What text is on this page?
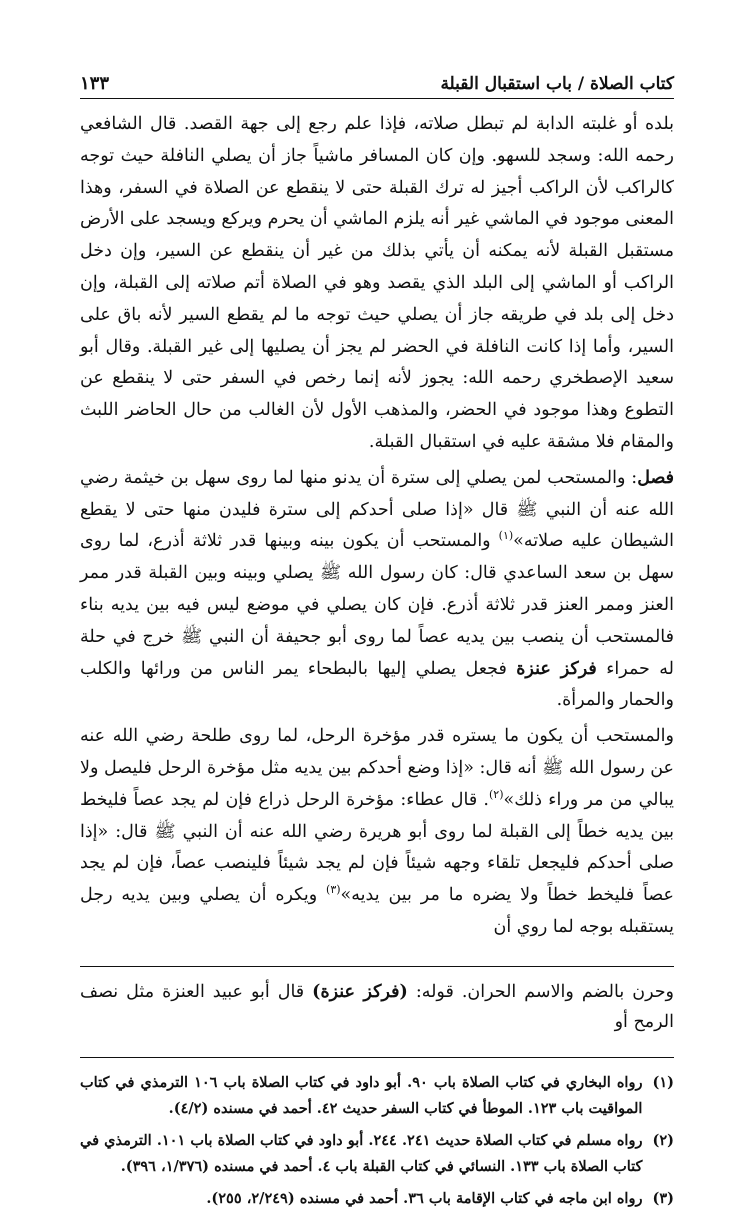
كتاب الصلاة / باب استقبال القبلة
١٣٣

بلده أو غلبته الدابة لم تبطل صلاته، فإذا علم رجع إلى جهة القصد. قال الشافعي رحمه الله: وسجد للسهو. وإن كان المسافر ماشياً جاز أن يصلي النافلة حيث توجه كالراكب لأن الراكب أجيز له ترك القبلة حتى لا ينقطع عن الصلاة في السفر، وهذا المعنى موجود في الماشي غير أنه يلزم الماشي أن يحرم ويركع ويسجد على الأرض مستقبل القبلة لأنه يمكنه أن يأتي بذلك من غير أن ينقطع عن السير، وإن دخل الراكب أو الماشي إلى البلد الذي يقصد وهو في الصلاة أتم صلاته إلى القبلة، وإن دخل إلى بلد في طريقه جاز أن يصلي حيث توجه ما لم يقطع السير لأنه باق على السير، وأما إذا كانت النافلة في الحضر لم يجز أن يصليها إلى غير القبلة. وقال أبو سعيد الإصطخري رحمه الله: يجوز لأنه إنما رخص في السفر حتى لا ينقطع عن التطوع وهذا موجود في الحضر، والمذهب الأول لأن الغالب من حال الحاضر اللبث والمقام فلا مشقة عليه في استقبال القبلة.

فصل: والمستحب لمن يصلي إلى سترة أن يدنو منها لما روى سهل بن خيثمة رضي الله عنه أن النبي ﷺ قال «إذا صلى أحدكم إلى سترة فليدن منها حتى لا يقطع الشيطان عليه صلاته»$^{(١)}$ والمستحب أن يكون بينه وبينها قدر ثلاثة أذرع، لما روى سهل بن سعد الساعدي قال: كان رسول الله ﷺ يصلي وبينه وبين القبلة قدر ممر العنز وممر العنز قدر ثلاثة أذرع. فإن كان يصلي في موضع ليس فيه بين يديه بناء فالمستحب أن ينصب بين يديه عصاً لما روى أبو جحيفة أن النبي ﷺ خرج في حلة له حمراء فركز عنزة فجعل يصلي إليها بالبطحاء يمر الناس من ورائها والكلب والحمار والمرأة.

والمستحب أن يكون ما يستره قدر مؤخرة الرحل، لما روى طلحة رضي الله عنه عن رسول الله ﷺ أنه قال: «إذا وضع أحدكم بين يديه مثل مؤخرة الرحل فليصل ولا يبالي من مر وراء ذلك»$^{(٢)}$. قال عطاء: مؤخرة الرحل ذراع فإن لم يجد عصاً فليخط بين يديه خطاً إلى القبلة لما روى أبو هريرة رضي الله عنه أن النبي ﷺ قال: «إذا صلى أحدكم فليجعل تلقاء وجهه شيئاً فإن لم يجد شيئاً فلينصب عصاً، فإن لم يجد عصاً فليخط خطاً ولا يضره ما مر بين يديه»$^{(٣)}$ ويكره أن يصلي وبين يديه رجل يستقبله بوجه لما روي أن

وحرن بالضم والاسم الحران. قوله: (فركز عنزة) قال أبو عبيد العنزة مثل نصف الرمح أو

(١)
رواه البخاري في كتاب الصلاة باب ٩٠. أبو داود في كتاب الصلاة باب ١٠٦ الترمذي في كتاب المواقيت باب ١٢٣. الموطأ في كتاب السفر حديث ٤٢. أحمد في مسنده (٤/٢).
(٢)
رواه مسلم في كتاب الصلاة حديث ٢٤١. ٢٤٤. أبو داود في كتاب الصلاة باب ١٠١. الترمذي في كتاب الصلاة باب ١٣٣. النسائي في كتاب القبلة باب ٤. أحمد في مسنده (١/٣٧٦، ٣٩٦).
(٣)
رواه ابن ماجه في كتاب الإقامة باب ٣٦. أحمد في مسنده (٢/٢٤٩، ٢٥٥).
